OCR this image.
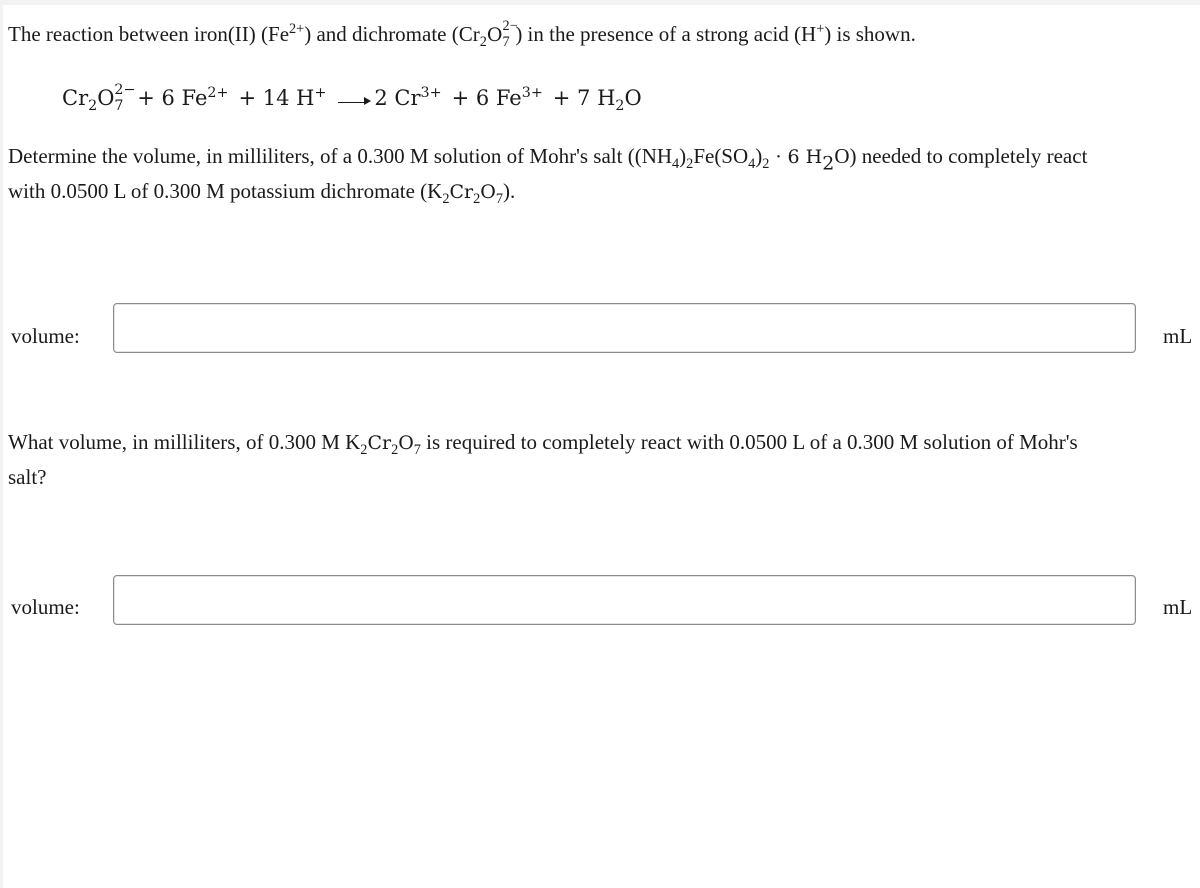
The reaction between iron(II) $(Fe^{2+})$ and dichromate ($Cr_2O$ 2−
7 ) in the presence of a strong acid (H+) is shown.
$Cr_2O$ 2−
7 + 6 $Fe^{2+} + 14$ H+ 2 $Cr^{3+} + 6$ $Fe^{3+} + 7$ $H_2O$
Determine the volume, in milliliters, of a 0.300 M solution of Mohr's salt ($(NH_4)_2Fe(SO_4)_2 \cdot 6$ $H_2O$) needed to completely react
with 0.0500 L of 0.300 M potassium dichromate $(K_2Cr_2O_7)$.
volume:	mL
What volume, in milliliters, of 0.300 M $K_2Cr_2O_7$ is required to completely react with 0.0500 L of a 0.300 M solution of Mohr's
salt?
volume:	mL
